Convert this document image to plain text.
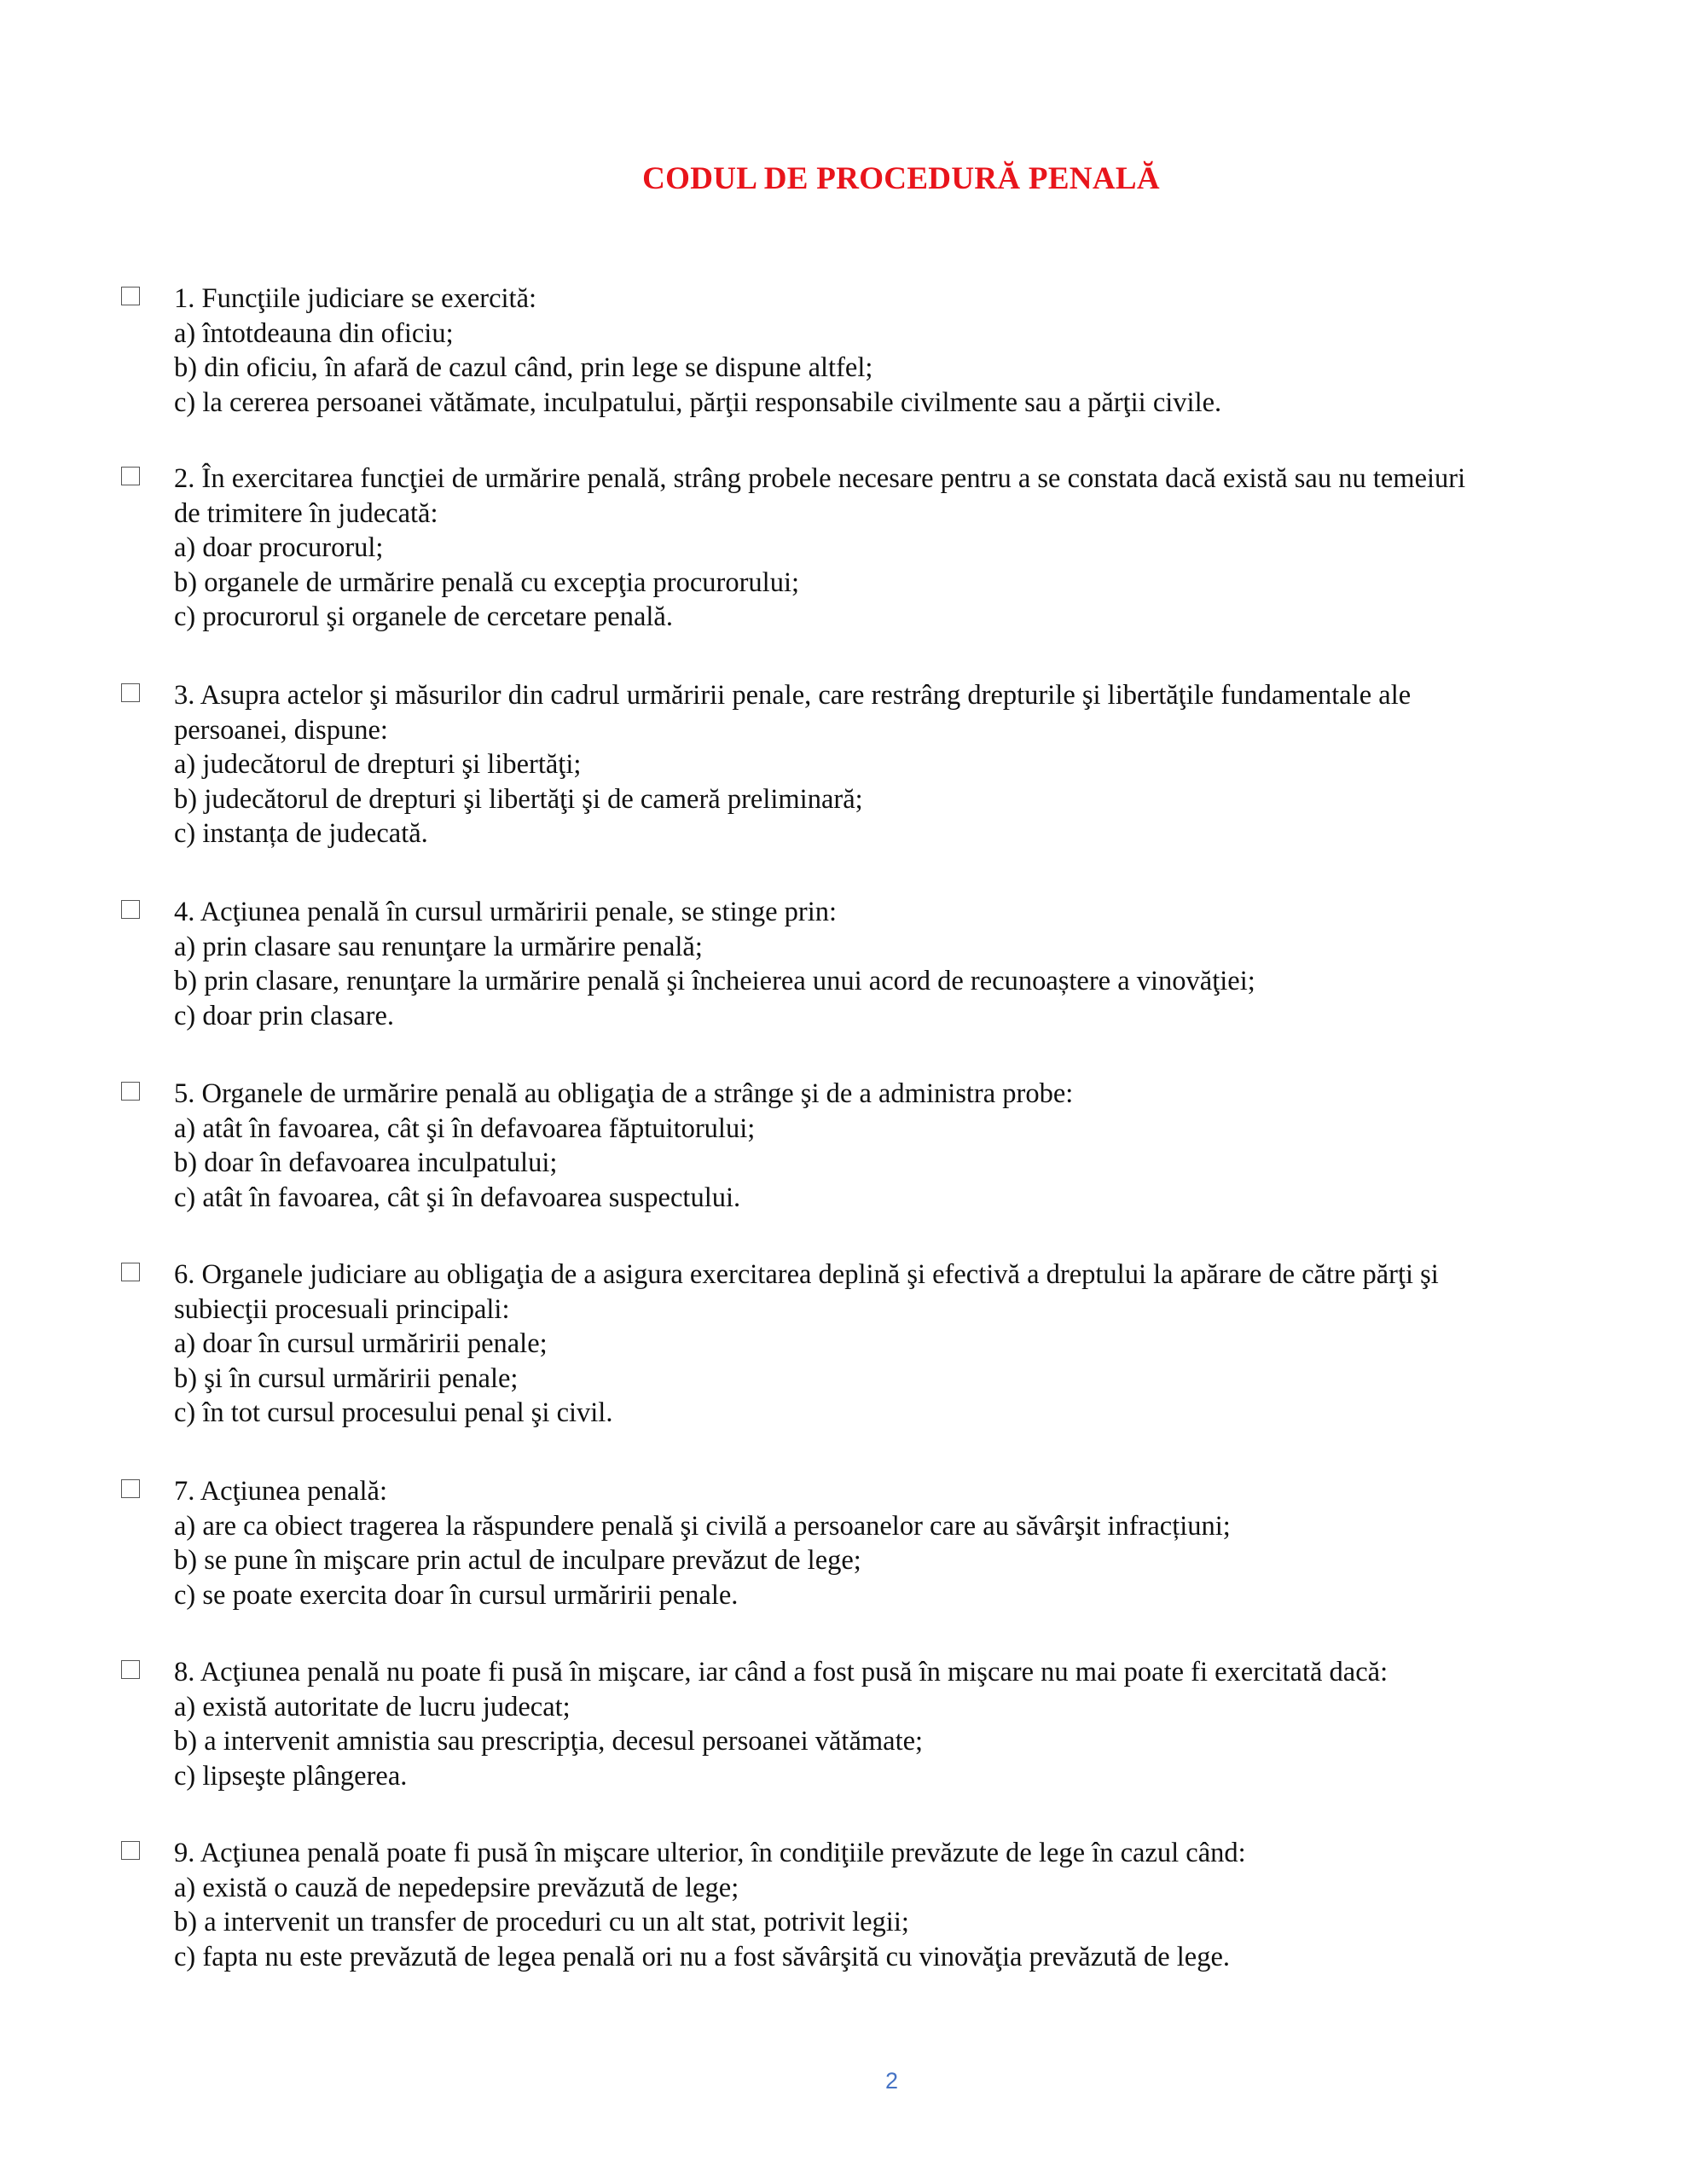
CODUL DE PROCEDURĂ PENALĂ
1. Funcţiile judiciare se exercită:
a) întotdeauna din oficiu;
b) din oficiu, în afară de cazul când, prin lege se dispune altfel;
c) la cererea persoanei vătămate, inculpatului, părţii responsabile civilmente sau a părţii civile.
2. În exercitarea funcţiei de urmărire penală, strâng probele necesare pentru a se constata dacă există sau nu temeiuri
de trimitere în judecată:
a) doar procurorul;
b) organele de urmărire penală cu excepţia procurorului;
c) procurorul şi organele de cercetare penală.
3. Asupra actelor şi măsurilor din cadrul urmăririi penale, care restrâng drepturile şi libertăţile fundamentale ale
persoanei, dispune:
a) judecătorul de drepturi şi libertăţi;
b) judecătorul de drepturi şi libertăţi şi de cameră preliminară;
c) instanța de judecată.
4. Acţiunea penală în cursul urmăririi penale, se stinge prin:
a) prin clasare sau renunţare la urmărire penală;
b) prin clasare, renunţare la urmărire penală şi încheierea unui acord de recunoaștere a vinovăţiei;
c) doar prin clasare.
5. Organele de urmărire penală au obligaţia de a strânge şi de a administra probe:
a) atât în favoarea, cât şi în defavoarea făptuitorului;
b) doar în defavoarea inculpatului;
c) atât în favoarea, cât şi în defavoarea suspectului.
6. Organele judiciare au obligaţia de a asigura exercitarea deplină şi efectivă a dreptului la apărare de către părţi şi
subiecţii procesuali principali:
a) doar în cursul urmăririi penale;
b) şi în cursul urmăririi penale;
c) în tot cursul procesului penal şi civil.
7. Acţiunea penală:
a) are ca obiect tragerea la răspundere penală şi civilă a persoanelor care au săvârşit infracțiuni;
b) se pune în mişcare prin actul de inculpare prevăzut de lege;
c) se poate exercita doar în cursul urmăririi penale.
8. Acţiunea penală nu poate fi pusă în mişcare, iar când a fost pusă în mişcare nu mai poate fi exercitată dacă:
a) există autoritate de lucru judecat;
b) a intervenit amnistia sau prescripţia, decesul persoanei vătămate;
c) lipseşte plângerea.
9. Acţiunea penală poate fi pusă în mişcare ulterior, în condiţiile prevăzute de lege în cazul când:
a) există o cauză de nepedepsire prevăzută de lege;
b) a intervenit un transfer de proceduri cu un alt stat, potrivit legii;
c) fapta nu este prevăzută de legea penală ori nu a fost săvârşită cu vinovăţia prevăzută de lege.
2
